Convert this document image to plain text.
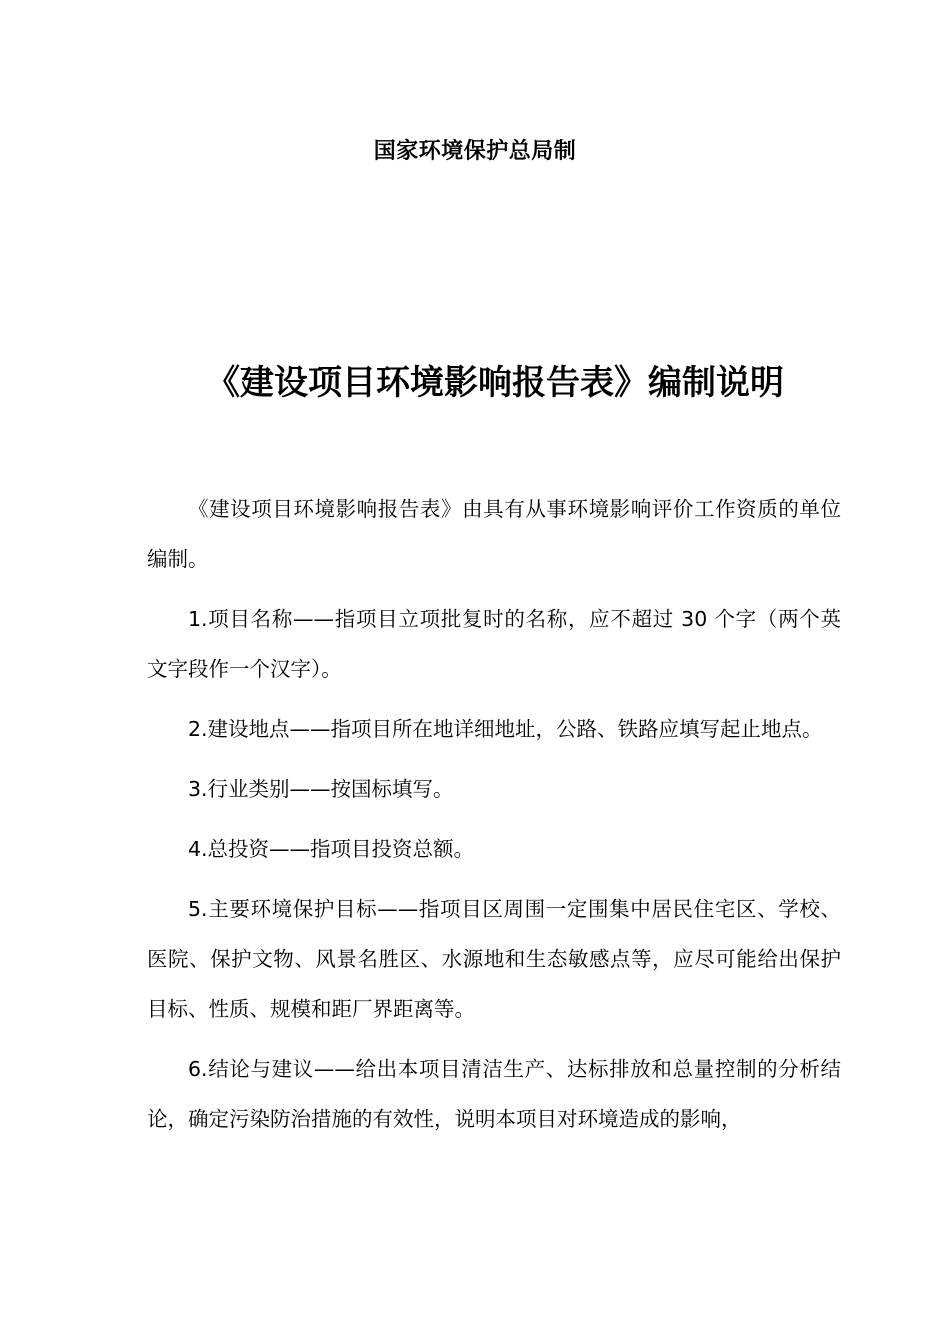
国家环境保护总局制
《建设项目环境影响报告表》编制说明

《建设项目环境影响报告表》由具有从事环境影响评价工作资质的单位编制。

1.项目名称——指项目立项批复时的名称，应不超过 30 个字（两个英文字段作一个汉字）。

2.建设地点——指项目所在地详细地址，公路、铁路应填写起止地点。

3.行业类别——按国标填写。

4.总投资——指项目投资总额。

5.主要环境保护目标——指项目区周围一定围集中居民住宅区、学校、医院、保护文物、风景名胜区、水源地和生态敏感点等，应尽可能给出保护目标、性质、规模和距厂界距离等。

6.结论与建议——给出本项目清洁生产、达标排放和总量控制的分析结论，确定污染防治措施的有效性，说明本项目对环境造成的影响，
